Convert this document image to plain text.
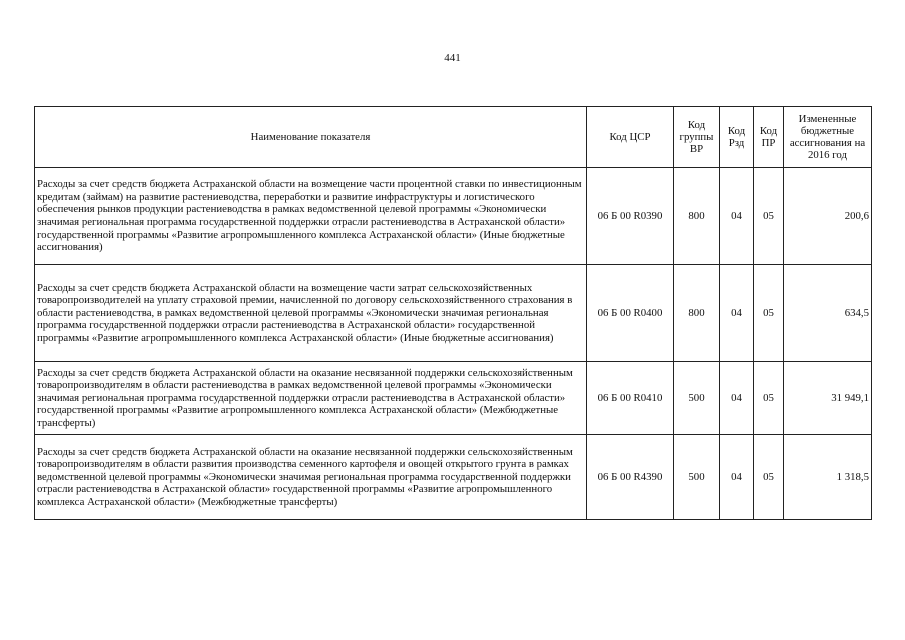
441
Наименование показателя	Код ЦСР	Код группы ВР	Код Рзд	Код ПР	Измененные бюджетные ассигнования на 2016 год
Расходы за счет средств бюджета Астраханской области на возмещение части процентной ставки по инвестиционным кредитам (займам) на развитие растениеводства, переработки и развитие инфраструктуры и логистического обеспечения рынков продукции растениеводства в рамках ведомственной целевой программы «Экономически значимая региональная программа государственной поддержки отрасли растениеводства в Астраханской области» государственной программы «Развитие агропромышленного комплекса Астраханской области» (Иные бюджетные ассигнования)	06 Б 00 R0390	800	04	05	200,6
Расходы за счет средств бюджета Астраханской области на возмещение части затрат сельскохозяйственных товаропроизводителей на уплату страховой премии, начисленной по договору сельскохозяйственного страхования в области растениеводства, в рамках ведомственной целевой программы «Экономически значимая региональная программа государственной поддержки отрасли растениеводства в Астраханской области» государственной программы «Развитие агропромышленного комплекса Астраханской области» (Иные бюджетные ассигнования)	06 Б 00 R0400	800	04	05	634,5
Расходы за счет средств бюджета Астраханской области на оказание несвязанной поддержки сельскохозяйственным товаропроизводителям в области растениеводства в рамках ведомственной целевой программы «Экономически значимая региональная программа государственной поддержки отрасли растениеводства в Астраханской области» государственной программы «Развитие агропромышленного комплекса Астраханской области» (Межбюджетные трансферты)	06 Б 00 R0410	500	04	05	31 949,1
Расходы за счет средств бюджета Астраханской области на оказание несвязанной поддержки сельскохозяйственным товаропроизводителям в области развития производства семенного картофеля и овощей открытого грунта в рамках ведомственной целевой программы «Экономически значимая региональная программа государственной поддержки отрасли растениеводства в Астраханской области» государственной программы «Развитие агропромышленного комплекса Астраханской области» (Межбюджетные трансферты)	06 Б 00 R4390	500	04	05	1 318,5
